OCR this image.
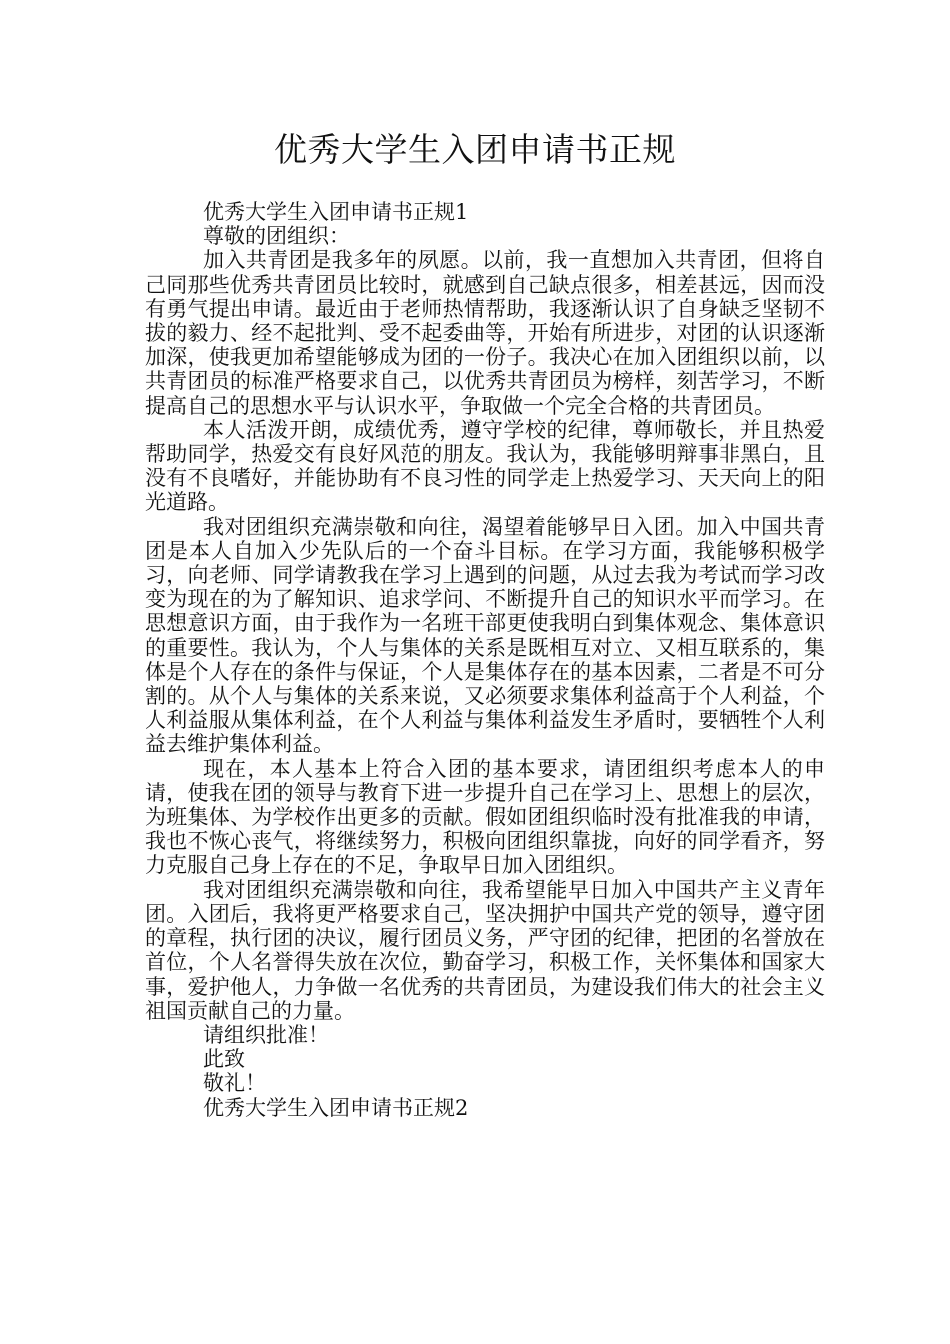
优秀大学生入团申请书正规

优秀大学生入团申请书正规1

尊敬的团组织：

加入共青团是我多年的夙愿。以前，我一直想加入共青团，但将自己同那些优秀共青团员比较时，就感到自己缺点很多，相差甚远，因而没有勇气提出申请。最近由于老师热情帮助，我逐渐认识了自身缺乏坚韧不拔的毅力、经不起批判、受不起委曲等，开始有所进步，对团的认识逐渐加深，使我更加希望能够成为团的一份子。我决心在加入团组织以前，以共青团员的标准严格要求自己，以优秀共青团员为榜样，刻苦学习，不断提高自己的思想水平与认识水平，争取做一个完全合格的共青团员。

本人活泼开朗，成绩优秀，遵守学校的纪律，尊师敬长，并且热爱帮助同学，热爱交有良好风范的朋友。我认为，我能够明辩事非黑白，且没有不良嗜好，并能协助有不良习性的同学走上热爱学习、天天向上的阳光道路。

我对团组织充满崇敬和向往，渴望着能够早日入团。加入中国共青团是本人自加入少先队后的一个奋斗目标。在学习方面，我能够积极学习，向老师、同学请教我在学习上遇到的问题，从过去我为考试而学习改变为现在的为了解知识、追求学问、不断提升自己的知识水平而学习。在思想意识方面，由于我作为一名班干部更使我明白到集体观念、集体意识的重要性。我认为，个人与集体的关系是既相互对立、又相互联系的，集体是个人存在的条件与保证，个人是集体存在的基本因素，二者是不可分割的。从个人与集体的关系来说，又必须要求集体利益高于个人利益，个人利益服从集体利益，在个人利益与集体利益发生矛盾时，要牺牲个人利益去维护集体利益。

现在，本人基本上符合入团的基本要求，请团组织考虑本人的申请，使我在团的领导与教育下进一步提升自己在学习上、思想上的层次，为班集体、为学校作出更多的贡献。假如团组织临时没有批准我的申请，我也不恢心丧气，将继续努力，积极向团组织靠拢，向好的同学看齐，努力克服自己身上存在的不足，争取早日加入团组织。

我对团组织充满崇敬和向往，我希望能早日加入中国共产主义青年团。入团后，我将更严格要求自己，坚决拥护中国共产党的领导，遵守团的章程，执行团的决议，履行团员义务，严守团的纪律，把团的名誉放在首位，个人名誉得失放在次位，勤奋学习，积极工作，关怀集体和国家大事，爱护他人，力争做一名优秀的共青团员，为建设我们伟大的社会主义祖国贡献自己的力量。

请组织批准！

此致

敬礼！

优秀大学生入团申请书正规2
